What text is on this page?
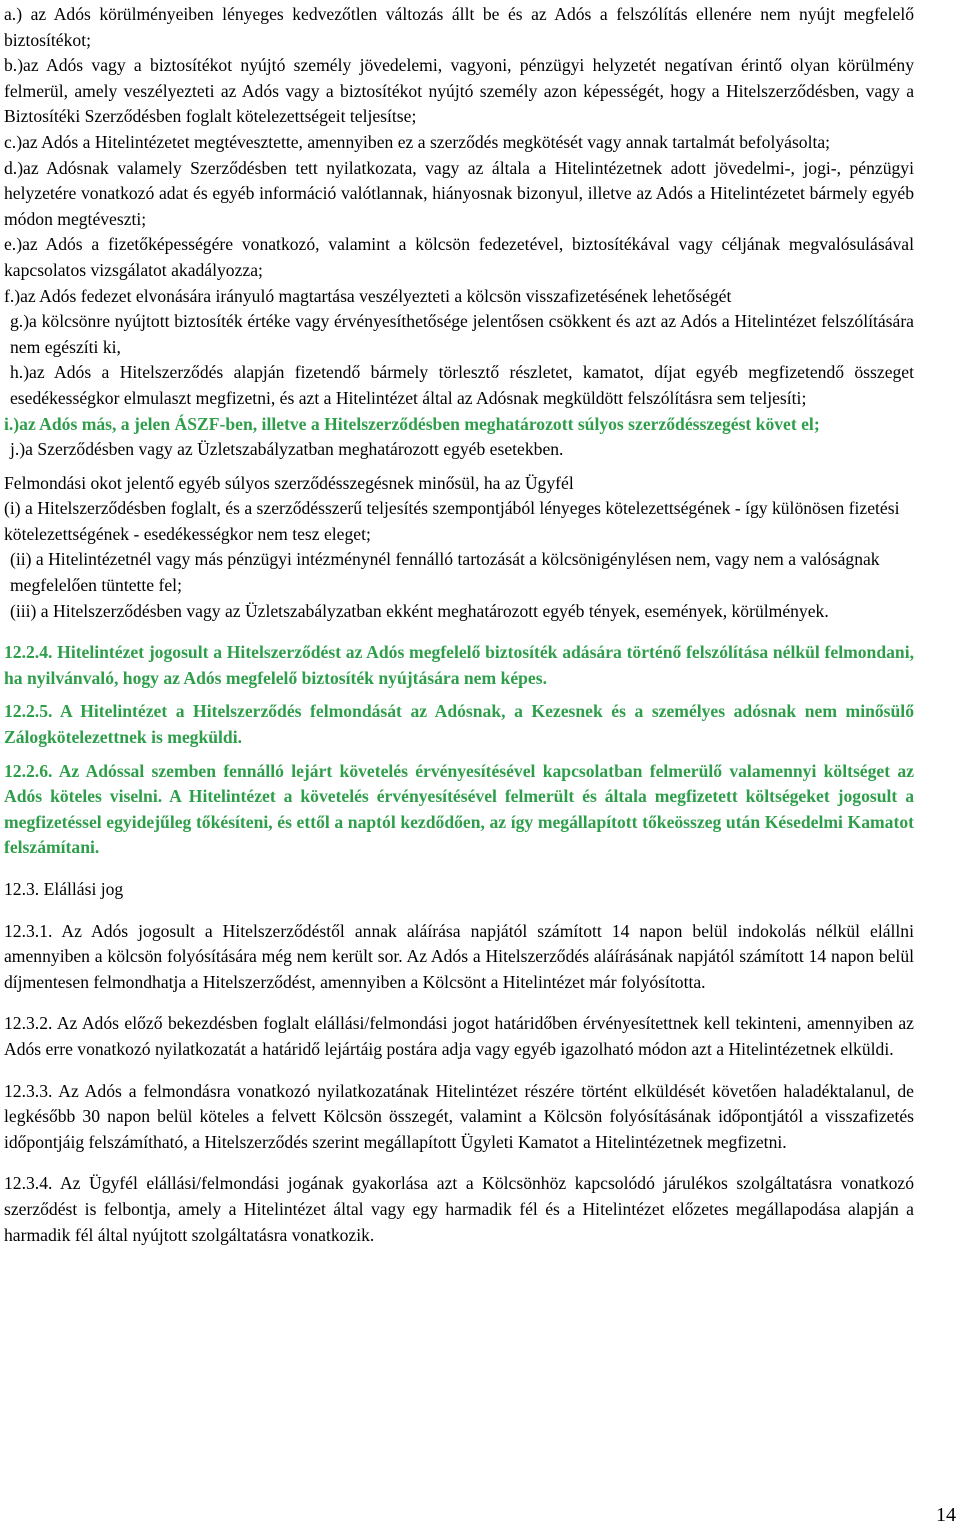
a.) az Adós körülményeiben lényeges kedvezőtlen változás állt be és az Adós a felszólítás ellenére nem nyújt megfelelő biztosítékot;

b.)az Adós vagy a biztosítékot nyújtó személy jövedelemi, vagyoni, pénzügyi helyzetét negatívan érintő olyan körülmény felmerül, amely veszélyezteti az Adós vagy a biztosítékot nyújtó személy azon képességét, hogy a Hitelszerződésben, vagy a Biztosítéki Szerződésben foglalt kötelezettségeit teljesítse;

c.)az Adós a Hitelintézetet megtévesztette, amennyiben ez a szerződés megkötését vagy annak tartalmát befolyásolta;

d.)az Adósnak valamely Szerződésben tett nyilatkozata, vagy az általa a Hitelintézetnek adott jövedelmi-, jogi-, pénzügyi helyzetére vonatkozó adat és egyéb információ valótlannak, hiányosnak bizonyul, illetve az Adós a Hitelintézetet bármely egyéb módon megtéveszti;

e.)az Adós a fizetőképességére vonatkozó, valamint a kölcsön fedezetével, biztosítékával vagy céljának megvalósulásával kapcsolatos vizsgálatot akadályozza;

f.)az Adós fedezet elvonására irányuló magtartása veszélyezteti a kölcsön visszafizetésének lehetőségét

g.)a kölcsönre nyújtott biztosíték értéke vagy érvényesíthetősége jelentősen csökkent és azt az Adós a Hitelintézet felszólítására nem egészíti ki,

h.)az Adós a Hitelszerződés alapján fizetendő bármely törlesztő részletet, kamatot, díjat egyéb megfizetendő összeget esedékességkor elmulaszt megfizetni, és azt a Hitelintézet által az Adósnak megküldött felszólításra sem teljesíti;

i.)az Adós más, a jelen ÁSZF-ben, illetve a Hitelszerződésben meghatározott súlyos szerződésszegést követ el;

j.)a Szerződésben vagy az Üzletszabályzatban meghatározott egyéb esetekben.

Felmondási okot jelentő egyéb súlyos szerződésszegésnek minősül, ha az Ügyfél

(i) a Hitelszerződésben foglalt, és a szerződésszerű teljesítés szempontjából lényeges kötelezettségének - így különösen fizetési kötelezettségének - esedékességkor nem tesz eleget;

(ii) a Hitelintézetnél vagy más pénzügyi intézménynél fennálló tartozását a kölcsönigénylésen nem, vagy nem a valóságnak megfelelően tüntette fel;

(iii) a Hitelszerződésben vagy az Üzletszabályzatban ekként meghatározott egyéb tények, események, körülmények.

12.2.4. Hitelintézet jogosult a Hitelszerződést az Adós megfelelő biztosíték adására történő felszólítása nélkül felmondani, ha nyilvánvaló, hogy az Adós megfelelő biztosíték nyújtására nem képes.

12.2.5. A Hitelintézet a Hitelszerződés felmondását az Adósnak, a Kezesnek és a személyes adósnak nem minősülő Zálogkötelezettnek is megküldi.

12.2.6. Az Adóssal szemben fennálló lejárt követelés érvényesítésével kapcsolatban felmerülő valamennyi költséget az Adós köteles viselni. A Hitelintézet a követelés érvényesítésével felmerült és általa megfizetett költségeket jogosult a megfizetéssel egyidejűleg tőkésíteni, és ettől a naptól kezdődően, az így megállapított tőkeösszeg után Késedelmi Kamatot felszámítani.

12.3. Elállási jog

12.3.1. Az Adós jogosult a Hitelszerződéstől annak aláírása napjától számított 14 napon belül indokolás nélkül elállni amennyiben a kölcsön folyósítására még nem került sor. Az Adós a Hitelszerződés aláírásának napjától számított 14 napon belül díjmentesen felmondhatja a Hitelszerződést, amennyiben a Kölcsönt a Hitelintézet már folyósította.

12.3.2. Az Adós előző bekezdésben foglalt elállási/felmondási jogot határidőben érvényesítettnek kell tekinteni, amennyiben az Adós erre vonatkozó nyilatkozatát a határidő lejártáig postára adja vagy egyéb igazolható módon azt a Hitelintézetnek elküldi.

12.3.3. Az Adós a felmondásra vonatkozó nyilatkozatának Hitelintézet részére történt elküldését követően haladéktalanul, de legkésőbb 30 napon belül köteles a felvett Kölcsön összegét, valamint a Kölcsön folyósításának időpontjától a visszafizetés időpontjáig felszámítható, a Hitelszerződés szerint megállapított Ügyleti Kamatot a Hitelintézetnek megfizetni.

12.3.4. Az Ügyfél elállási/felmondási jogának gyakorlása azt a Kölcsönhöz kapcsolódó járulékos szolgáltatásra vonatkozó szerződést is felbontja, amely a Hitelintézet által vagy egy harmadik fél és a Hitelintézet előzetes megállapodása alapján a harmadik fél által nyújtott szolgáltatásra vonatkozik.

14
